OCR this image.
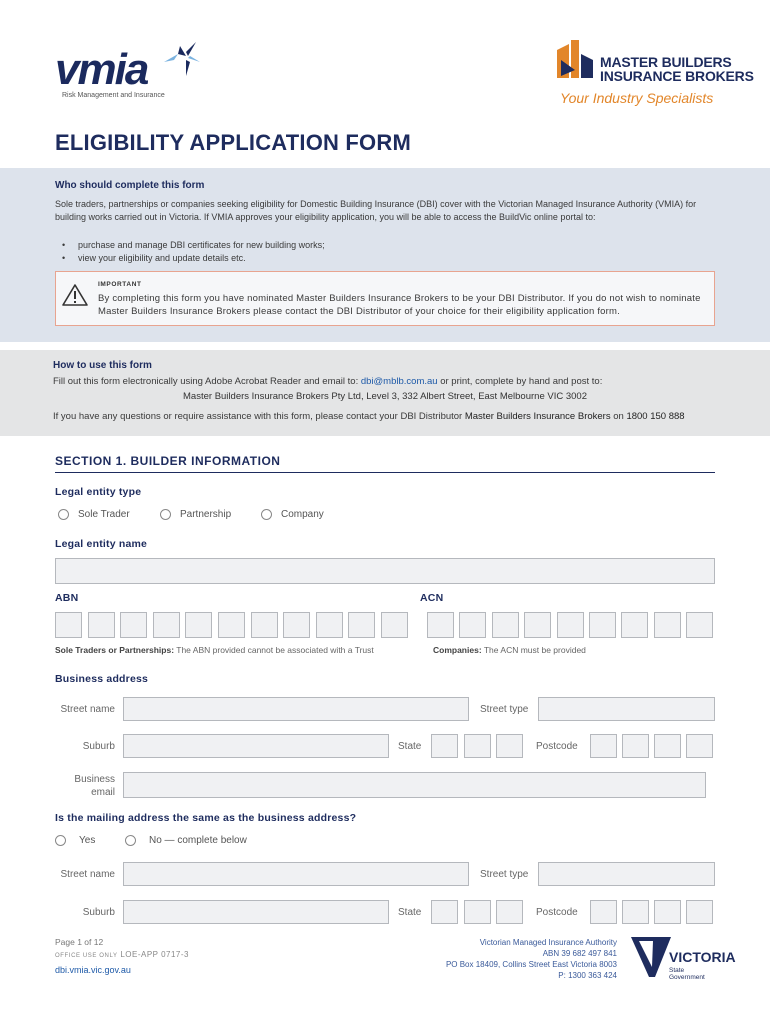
vmia
Risk Management and Insurance
MASTER BUILDERS
INSURANCE BROKERS
Your Industry Specialists
ELIGIBILITY APPLICATION FORM
Who should complete this form
Sole traders, partnerships or companies seeking eligibility for Domestic Building Insurance (DBI) cover with the Victorian Managed Insurance Authority (VMIA) for building works carried out in Victoria. If VMIA approves your eligibility application, you will be able to access the BuildVic online portal to:
• purchase and manage DBI certificates for new building works;
• view your eligibility and update details etc.
IMPORTANT
By completing this form you have nominated Master Builders Insurance Brokers to be your DBI Distributor. If you do not wish to nominate Master Builders Insurance Brokers please contact the DBI Distributor of your choice for their eligibility application form.
How to use this form
Fill out this form electronically using Adobe Acrobat Reader and email to: dbi@mblb.com.au or print, complete by hand and post to:
Master Builders Insurance Brokers Pty Ltd, Level 3, 332 Albert Street, East Melbourne VIC 3002
If you have any questions or require assistance with this form, please contact your DBI Distributor Master Builders Insurance Brokers on 1800 150 888
SECTION 1. BUILDER INFORMATION
Legal entity type
Sole Trader	Partnership	Company
Legal entity name
ABN	ACN
Sole Traders or Partnerships: The ABN provided cannot be associated with a Trust	Companies: The ACN must be provided
Business address
Street name	Street type
Suburb	State	Postcode
Business
email
Is the mailing address the same as the business address?
Yes	No — complete below
Street name	Street type
Suburb	State	Postcode
Page 1 of 12
OFFICE USE ONLY LOE-APP 0717-3
dbi.vmia.vic.gov.au
Victorian Managed Insurance Authority
ABN 39 682 497 841
PO Box 18409, Collins Street East Victoria 8003
P: 1300 363 424
VICTORIA
State
Government
